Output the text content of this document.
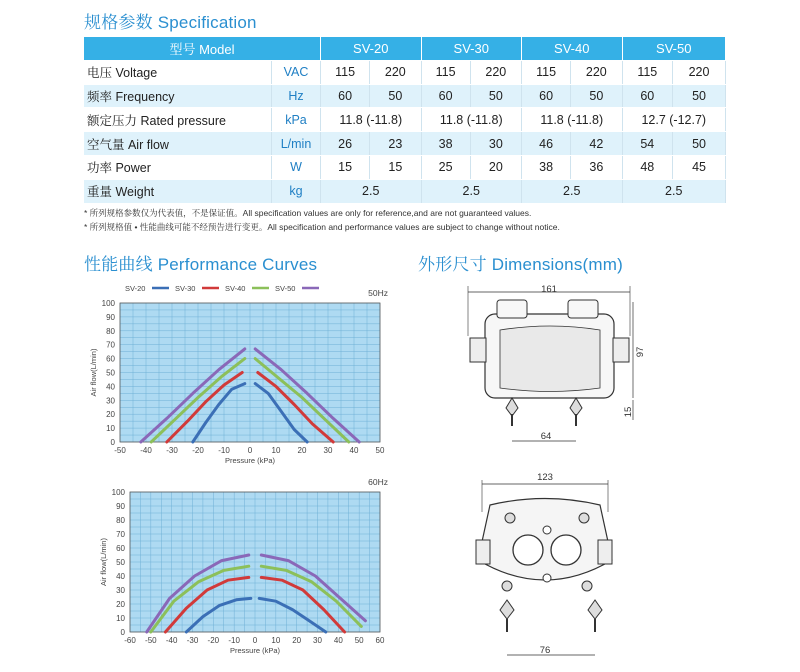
规格参数 Specification
型号 Model		SV-20		SV-30		SV-40		SV-50	
电压 Voltage	VAC	115	220	115	220	115	220	115	220
频率 Frequency	Hz	60	50	60	50	60	50	60	50
额定压力 Rated pressure	kPa	11.8 (-11.8)		11.8 (-11.8)		11.8 (-11.8)		12.7 (-12.7)	
空气量 Air flow	L/min	26	23	38	30	46	42	54	50
功率 Power	W	15	15	25	20	38	36	48	45
重量 Weight	kg	2.5		2.5		2.5		2.5	
* 所列规格参数仅为代表值，不是保证值。All specification values are only for reference,and are not guaranteed values.
* 所列规格值 • 性能曲线可能不经预告进行变更。All specification and performance values are subject to change without notice.
性能曲线 Performance Curves	外形尺寸 Dimensions(mm)
-50 -40 -30 -20 -10 0 10 20 30 40 50
0
10
20
30
40
50
60
70
80
90
100
Pressure (kPa)
Air flow(L/min)
50Hz
SV-20	SV-30	SV-40	SV-50
-60 -50 -40 -30 -20 -10 0 10 20 30 40 50 60
0
10
20
30
40
50
60
70
80
90
100
Pressure (kPa)
Air flow(L/min)
60Hz
161
97
15
64
123
76
